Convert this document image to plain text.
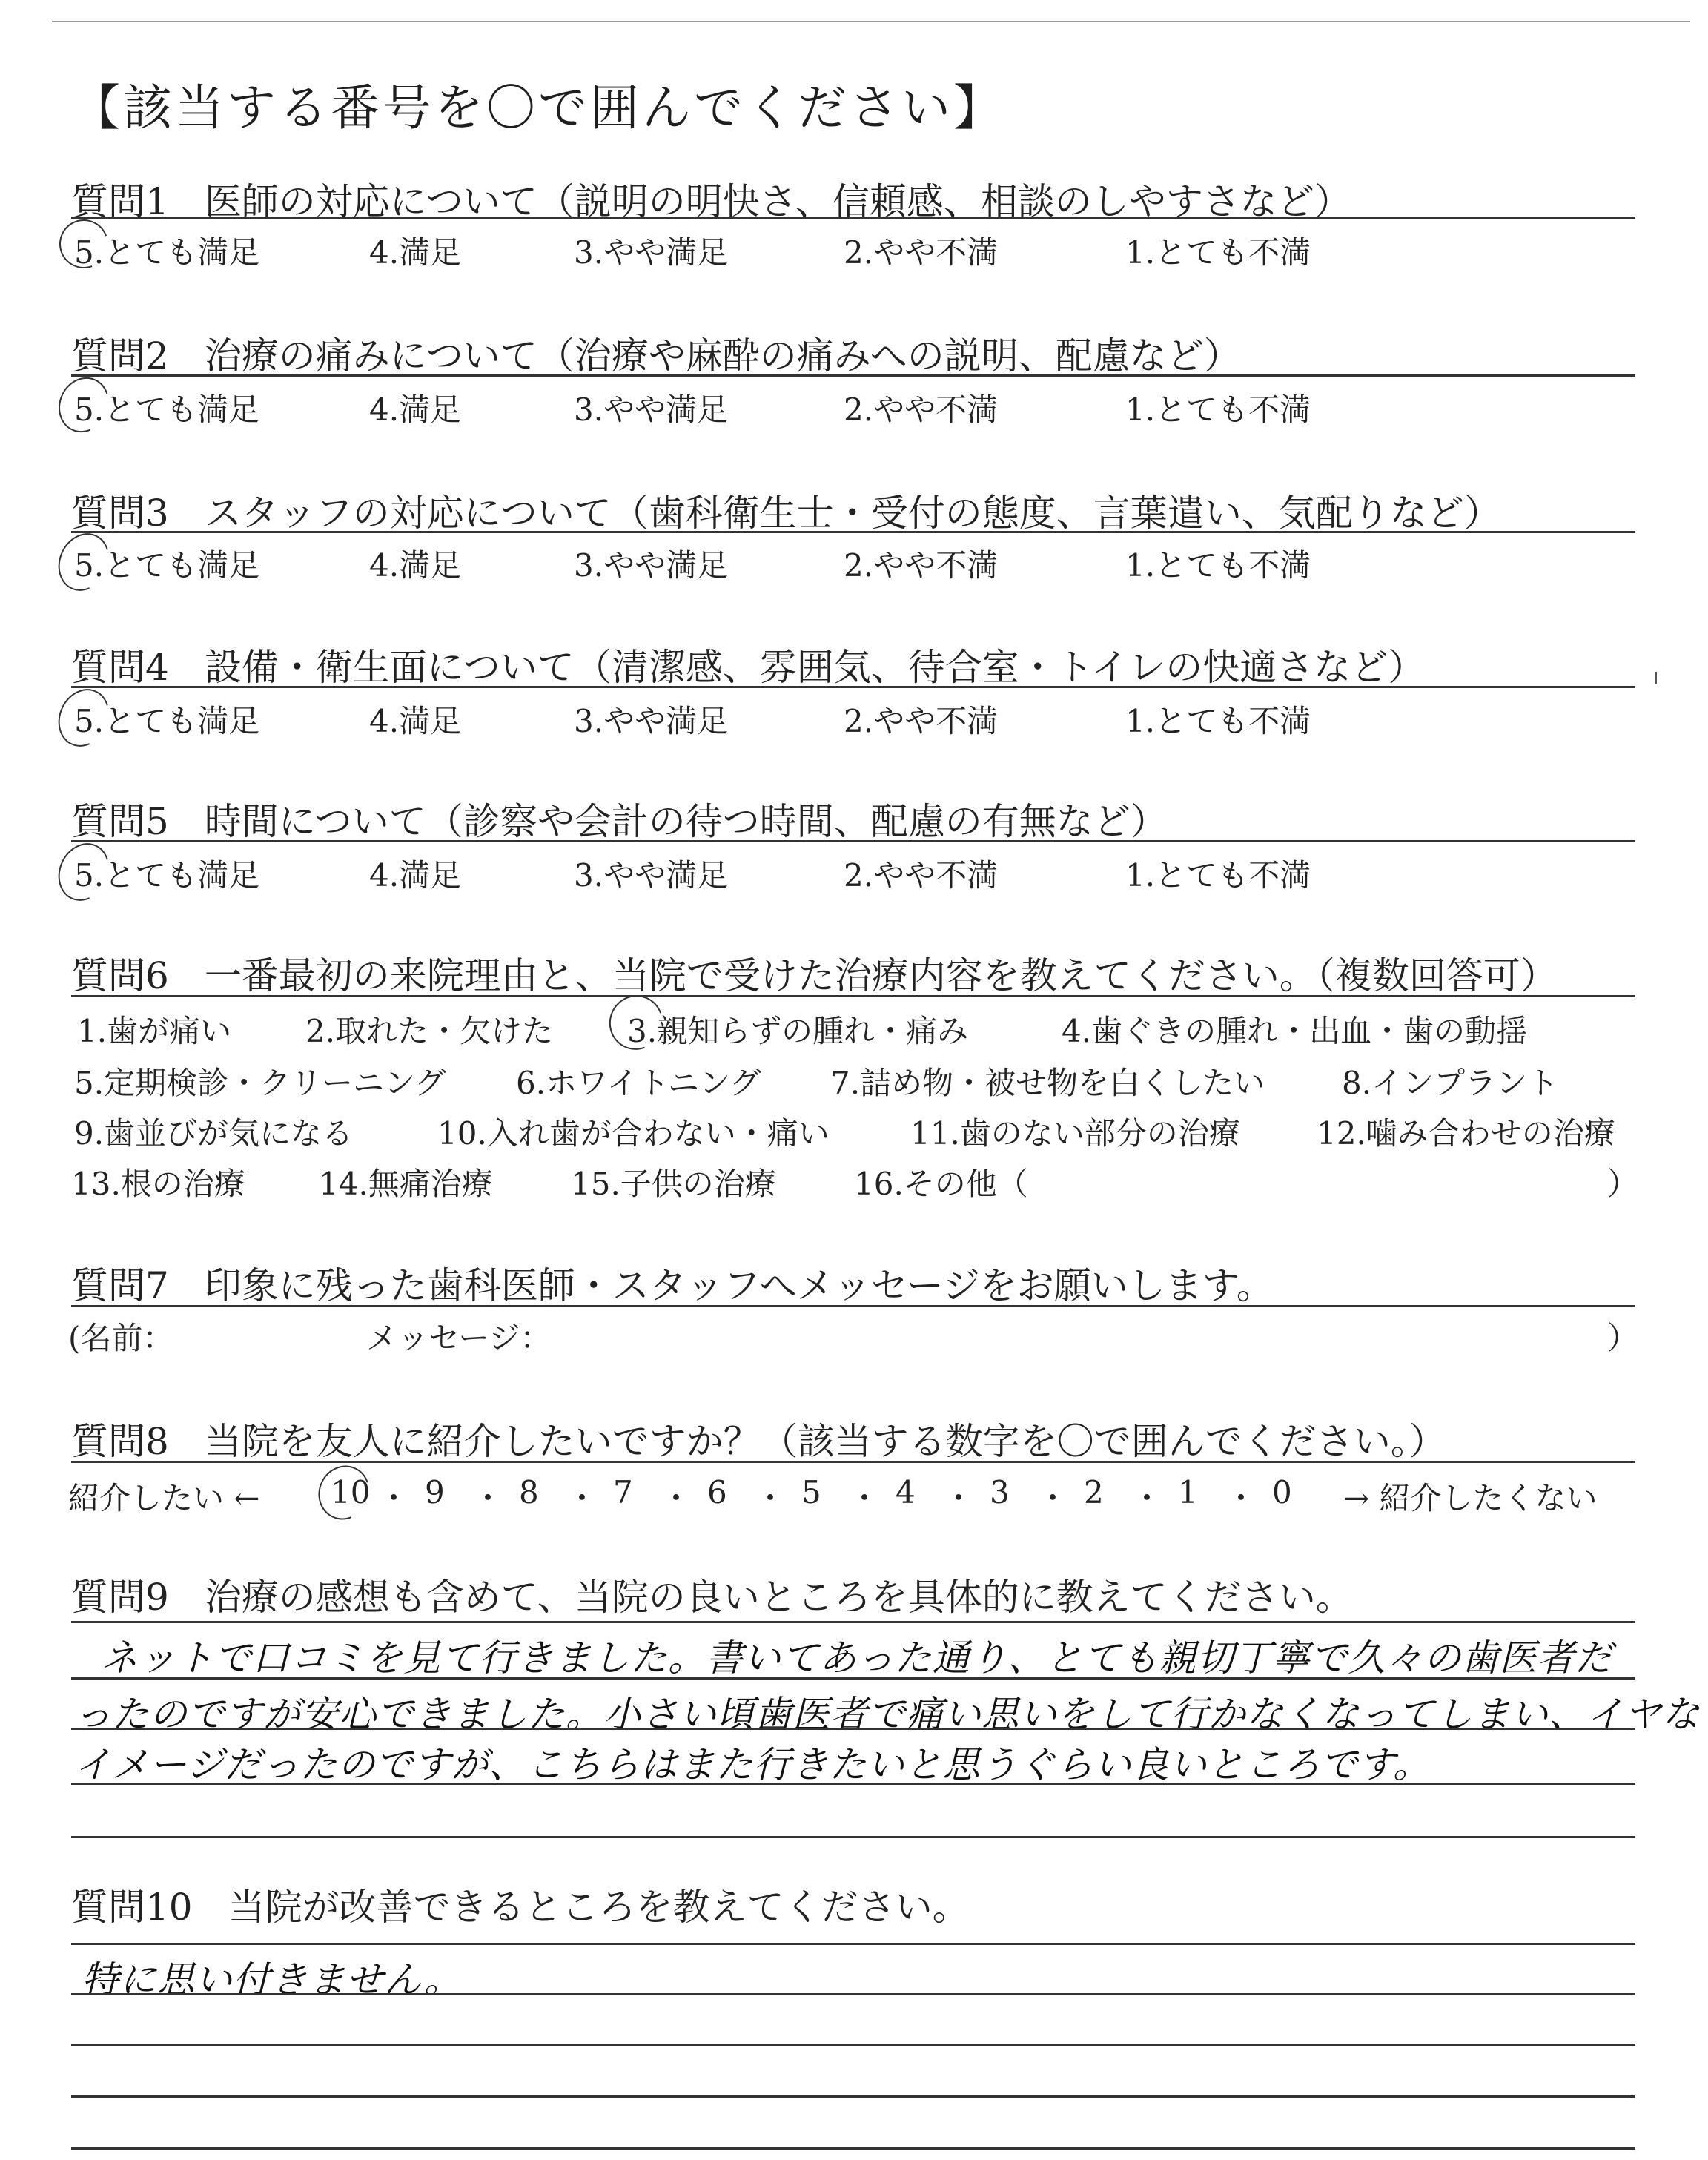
【該当する番号を〇で囲んでください】
質問1 医師の対応について（説明の明快さ、信頼感、相談のしやすさなど）
5.とても満足	4.満足	3.やや満足	2.やや不満	1.とても不満
質問2 治療の痛みについて（治療や麻酔の痛みへの説明、配慮など）
5.とても満足	4.満足	3.やや満足	2.やや不満	1.とても不満
質問3 スタッフの対応について（歯科衛生士・受付の態度、言葉遣い、気配りなど）
5.とても満足	4.満足	3.やや満足	2.やや不満	1.とても不満
質問4 設備・衛生面について（清潔感、雰囲気、待合室・トイレの快適さなど）
5.とても満足	4.満足	3.やや満足	2.やや不満	1.とても不満
質問5 時間について（診察や会計の待つ時間、配慮の有無など）
5.とても満足	4.満足	3.やや満足	2.やや不満	1.とても不満
質問6 一番最初の来院理由と、当院で受けた治療内容を教えてください。（複数回答可）
1.歯が痛い 2.取れた・欠けた 3.親知らずの腫れ・痛み	4.歯ぐきの腫れ・出血・歯の動揺
5.定期検診・クリーニング 6.ホワイトニング 7.詰め物・被せ物を白くしたい 8.インプラント
9.歯並びが気になる	10.入れ歯が合わない・痛い	11.歯のない部分の治療 12.噛み合わせの治療
13.根の治療 14.無痛治療	15.子供の治療	16.その他（	）
質問7 印象に残った歯科医師・スタッフへメッセージをお願いします。
(名前：	メッセージ：	）
質問8 当院を友人に紹介したいですか？（該当する数字を〇で囲んでください。）
紹介したい ← 10 ・ 9 ・ 8 ・ 7 ・ 6 ・ 5 ・ 4 ・ 3 ・ 2 ・ 1 ・ 0 → 紹介したくない
質問9 治療の感想も含めて、当院の良いところを具体的に教えてください。
ネットで口コミを見て行きました。書いてあった通り、とても親切丁寧で久々の歯医者だ
ったのですが安心できました。小さい頃歯医者で痛い思いをして行かなくなってしまい、イヤな
イメージだったのですが、こちらはまた行きたいと思うぐらい良いところです。
質問10 当院が改善できるところを教えてください。
特に思い付きません。
